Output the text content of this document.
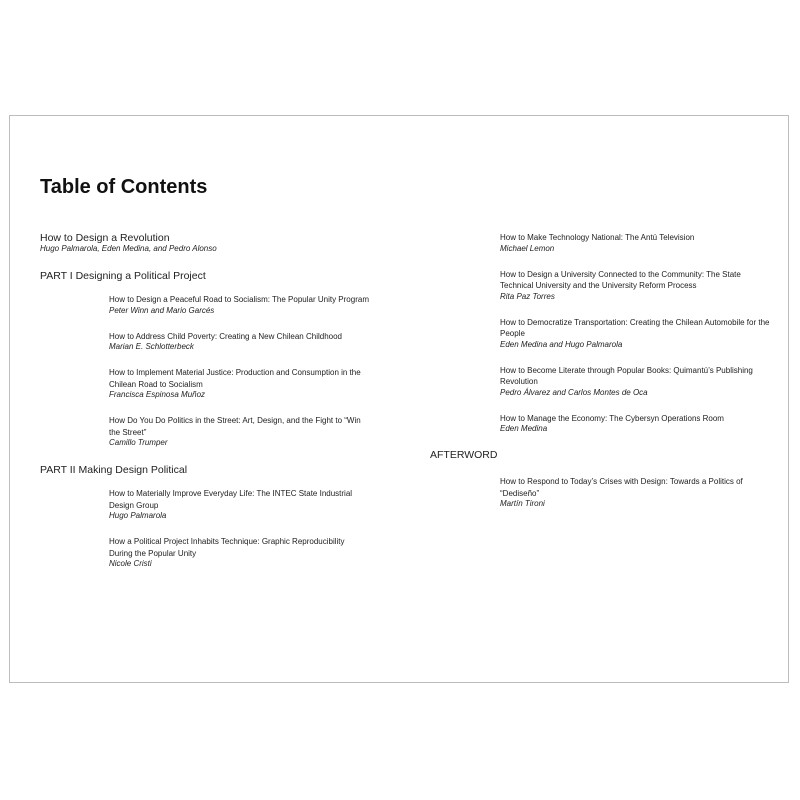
Table of Contents
How to Design a Revolution
Hugo Palmarola, Eden Medina, and Pedro Alonso
PART I Designing a Political Project
How to Design a Peaceful Road to Socialism: The Popular Unity Program
Peter Winn and Mario Garcés
How to Address Child Poverty: Creating a New Chilean Childhood
Marian E. Schlotterbeck
How to Implement Material Justice: Production and Consumption in the Chilean Road to Socialism
Francisca Espinosa Muñoz
How Do You Do Politics in the Street: Art, Design, and the Fight to “Win the Street”
Camillo Trumper
PART II Making Design Political
How to Materially Improve Everyday Life: The INTEC State Industrial Design Group
Hugo Palmarola
How a Political Project Inhabits Technique: Graphic Reproducibility During the Popular Unity
Nicole Cristi
How to Make Technology National: The Antú Television
Michael Lemon
How to Design a University Connected to the Community: The State Technical University and the University Reform Process
Rita Paz Torres
How to Democratize Transportation: Creating the Chilean Automobile for the People
Eden Medina and Hugo Palmarola
How to Become Literate through Popular Books: Quimantú’s Publishing Revolution
Pedro Álvarez and Carlos Montes de Oca
How to Manage the Economy: The Cybersyn Operations Room
Eden Medina
AFTERWORD
How to Respond to Today’s Crises with Design: Towards a Politics of “Dediseño”
Martín Tironi
